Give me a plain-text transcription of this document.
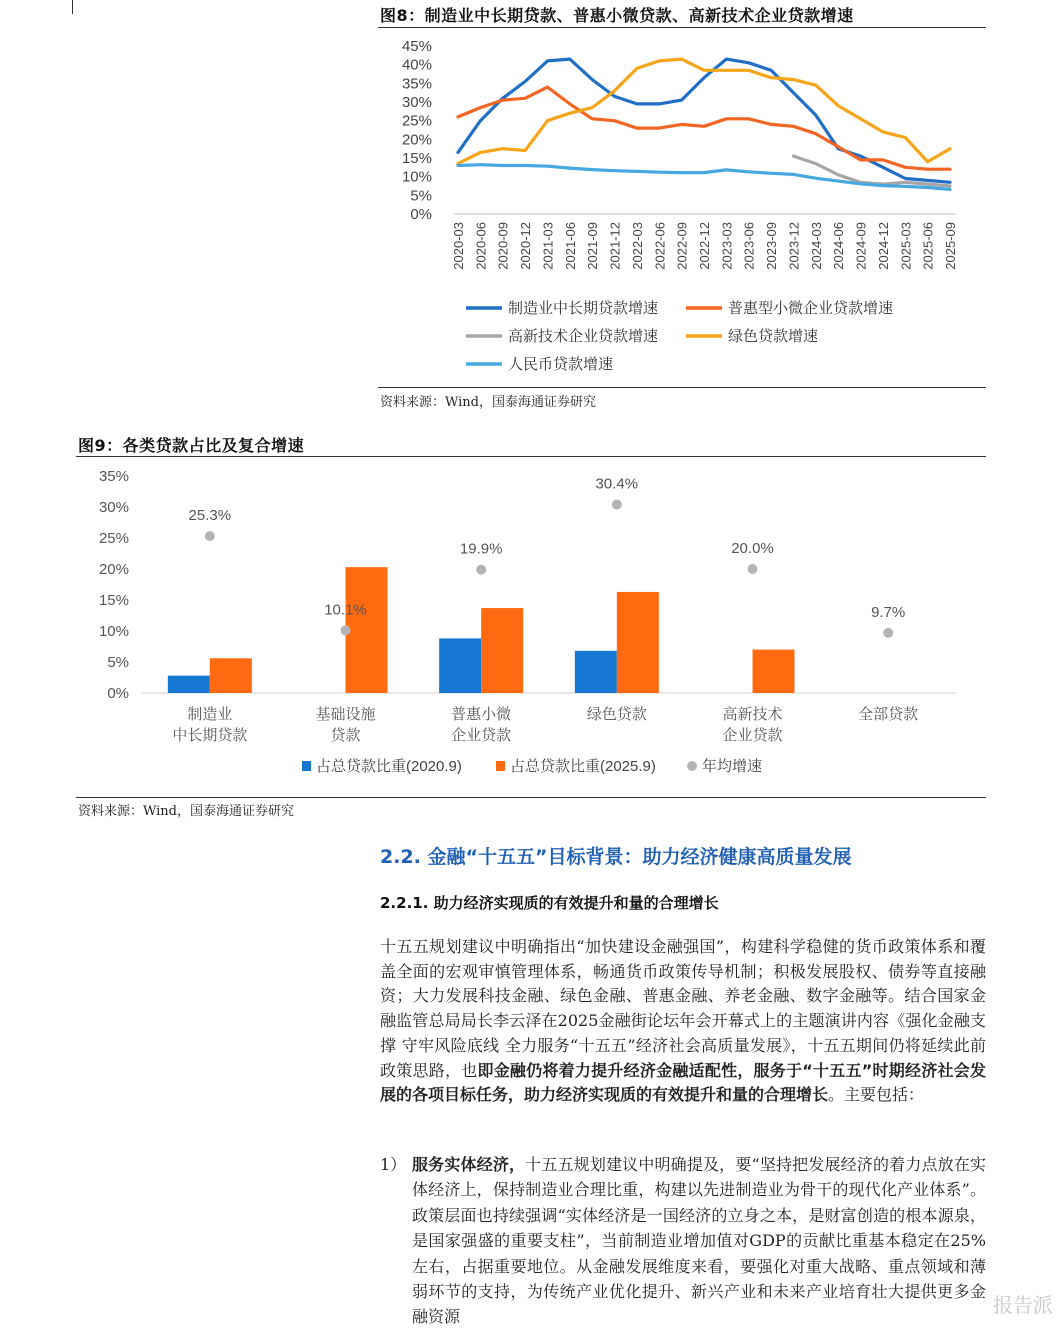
图8：制造业中长期贷款、普惠小微贷款、高新技术企业贷款增速
0%
5%
10%
15%
20%
25%
30%
35%
40%
45%
2020-03 2020-06 2020-09 2020-12 2021-03 2021-06 2021-09 2021-12 2022-03 2022-06 2022-09 2022-12 2023-03 2023-06 2023-09 2023-12 2024-03 2024-06 2024-09 2024-12 2025-03 2025-06 2025-09
制造业中长期贷款增速	普惠型小微企业贷款增速
高新技术企业贷款增速	绿色贷款增速
人民币贷款增速
资料来源：Wind，国泰海通证券研究
图9：各类贷款占比及复合增速
0%
5%
10%
15%
20%
25%
30%
35%
25.3%
制造业
中长期贷款
10.1%
基础设施
贷款
19.9%
普惠小微
企业贷款
30.4%
绿色贷款
20.0%
高新技术
企业贷款
9.7%
全部贷款
占总贷款比重(2020.9)	占总贷款比重(2025.9)	年均增速
资料来源：Wind，国泰海通证券研究
2.2. 金融“十五五”目标背景：助力经济健康高质量发展
2.2.1. 助力经济实现质的有效提升和量的合理增长

十五五规划建议中明确指出“加快建设金融强国”，构建科学稳健的货币政策体系和覆盖全面的宏观审慎管理体系，畅通货币政策传导机制；积极发展股权、债券等直接融资；大力发展科技金融、绿色金融、普惠金融、养老金融、数字金融等。结合国家金融监管总局局长李云泽在2025金融街论坛年会开幕式上的主题演讲内容《强化金融支撑 守牢风险底线 全力服务“十五五”经济社会高质量发展》，十五五期间仍将延续此前政策思路，也即金融仍将着力提升经济金融适配性，服务于“十五五”时期经济社会发展的各项目标任务，助力经济实现质的有效提升和量的合理增长。主要包括：

1） 服务实体经济，十五五规划建议中明确提及，要“坚持把发展经济的着力点放在实体经济上，保持制造业合理比重，构建以先进制造业为骨干的现代化产业体系”。政策层面也持续强调“实体经济是一国经济的立身之本，是财富创造的根本源泉，是国家强盛的重要支柱”，当前制造业增加值对GDP的贡献比重基本稳定在25%左右，占据重要地位。从金融发展维度来看，要强化对重大战略、重点领域和薄弱环节的支持，为传统产业优化提升、新兴产业和未来产业培育壮大提供更多金融资源	报告派
